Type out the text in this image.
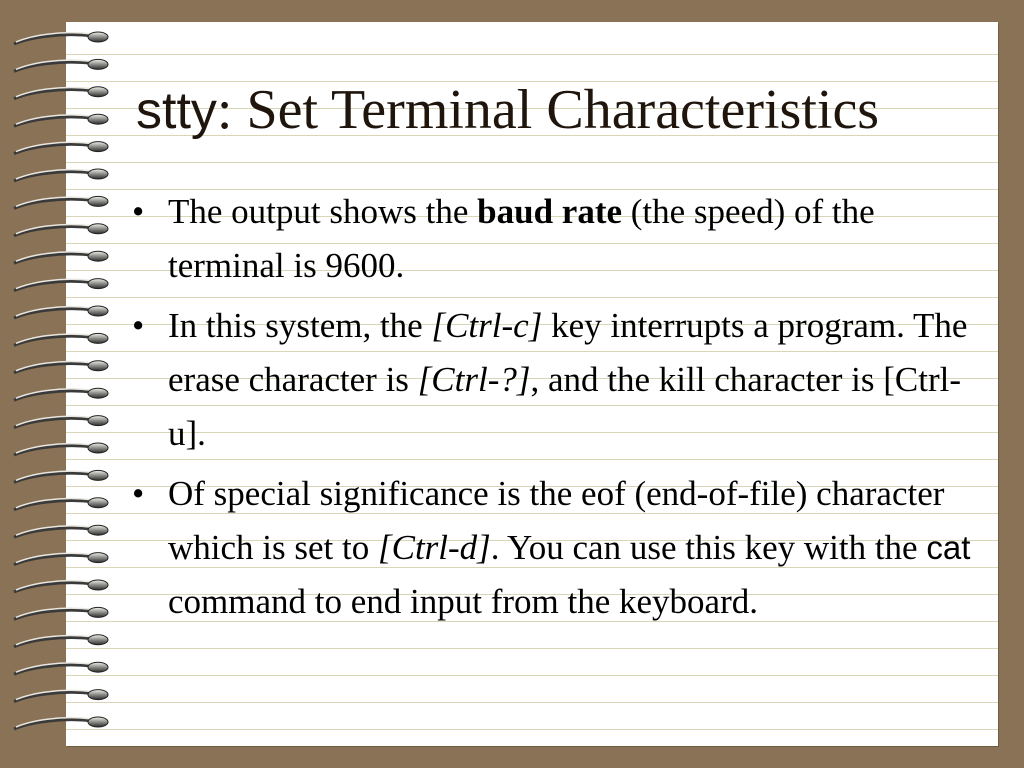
stty: Set Terminal Characteristics
• The output shows the baud rate (the speed) of the terminal is 9600.
• In this system, the [Ctrl-c] key interrupts a program. The erase character is [Ctrl-?], and the kill character is [Ctrl-u].
• Of special significance is the eof (end-of-file) character which is set to [Ctrl-d]. You can use this key with the cat command to end input from the keyboard.
